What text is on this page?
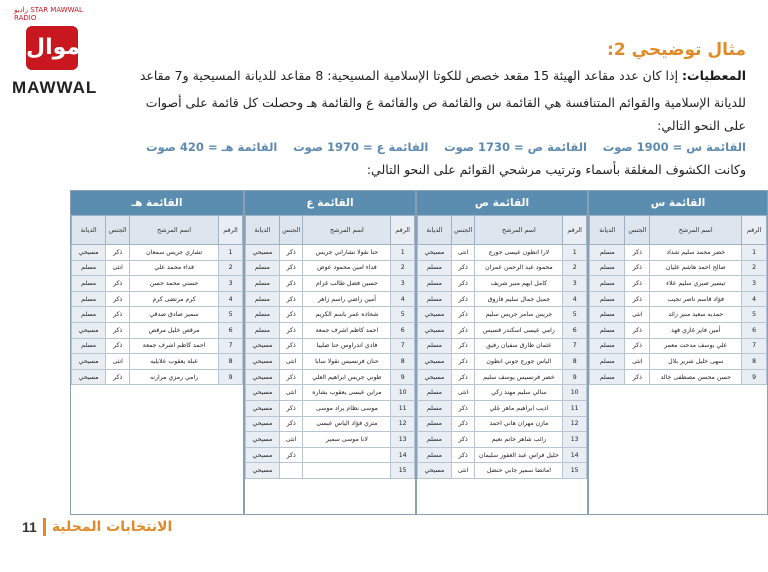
راديو STAR MAWWAL RADIO
موال
MAWWAL
مثال توضيحي 2:
المعطيات: إذا كان عدد مقاعد الهيئة 15 مقعد خصص للكوتا الإسلامية المسيحية: 8 مقاعد للديانة المسيحية و7 مقاعد
للديانة الإسلامية والقوائم المتنافسة هي القائمة س والقائمة ص والقائمة ع والقائمة هـ وحصلت كل قائمة على أصوات
على النحو التالي:
القائمة س = 1900 صوت
القائمة ص = 1730 صوت
القائمة ع = 1970 صوت
القائمة هـ = 420 صوت
وكانت الكشوف المغلقة بأسماء وترتيب مرشحي القوائم على النحو التالي:
القائمة س
الرقم	اسم المرشح	الجنس	الديانة
1	خضر محمد سليم شداد	ذكر	مسلم
2	صالح احمد هاشم عليان	ذكر	مسلم
3	تيسير صبري سليم علاء	ذكر	مسلم
4	فؤاد قاسم ناصر نجيب	ذكر	مسلم
5	حمديه سعيد منير زائد	انثى	مسلم
6	أمين فايز غازي فهد	ذكر	مسلم
7	علي يوسف مدحت معمر	ذكر	مسلم
8	سهى خليل شرير بلال	انثى	مسلم
9	حسن محسن مصطفى خالد	ذكر	مسلم
القائمة ص
الرقم	اسم المرشح	الجنس	الديانة
1	لارا انطون عيسى جورج	انثى	مسيحي
2	محمود عبد الرحمن عمران	ذكر	مسلم
3	كامل ايهم منير شريف	ذكر	مسلم
4	جميل جمال سليم فاروق	ذكر	مسلم
5	جريس سامر جريس سليم	ذكر	مسيحي
6	رامي عيسى اسكندر قسيس	ذكر	مسيحي
7	عثمان طارق سفيان رفيق	ذكر	مسلم
8	الياس جورج جوني انطون	ذكر	مسيحي
9	خضر فرنسيس يوسف سليم	ذكر	مسيحي
10	سالي سليم مهند زكي	انثى	مسلم
11	اديب ابراهيم ماهر علي	ذكر	مسلم
12	مازن مهران هاني احمد	ذكر	مسلم
13	رائب شاهر حاتم نعيم	ذكر	مسلم
14	خليل فراس عبد الغفور سليمان	ذكر	مسلم
15	امانضا سمير جابي حنضل	انثى	مسيحي
القائمة ع
الرقم	اسم المرشح	الجنس	الديانة
1	حنا نقولا نشاراني جريس	ذكر	مسيحي
2	فداء امين محمود عوض	ذكر	مسلم
3	حسين فضل طالب غزام	ذكر	مسلم
4	أمين راضي راسم زاهر	ذكر	مسلم
5	شحاده عمر باسم الكريم	ذكر	مسلم
6	احمد كاظم اشرف جمعة	ذكر	مسلم
7	فادي اندراوس حنا صليبا	ذكر	مسيحي
8	حنان فرنسيس نقولا سابا	انثى	مسيحي
9	طوني جريس ابراهيم العلي	ذكر	مسيحي
10	مراين عيسى يعقوب بشاره	انثى	مسيحي
11	موسى نظام يراد موسى	ذكر	مسيحي
12	متري فؤاد الياس عيسى	ذكر	مسيحي
13	لانا موسى سمير	انثى	مسيحي
14		ذكر	مسيحي
15			مسيحي
القائمة هـ
الرقم	اسم المرشح	الجنس	الديانة
1	تشاري جريس سمعان	ذكر	مسيحي
2	فداء محمد علي	انثى	مسلم
3	حسني محمد حسن	ذكر	مسلم
4	كرم مرتضى كرم	ذكر	مسلم
5	سمير صادق صدقي	ذكر	مسلم
6	مرقص خليل مرقص	ذكر	مسيحي
7	احمد كاظم اشرف جمعة	ذكر	مسلم
8	عبلة يعقوب علايليه	انثى	مسيحي
9	رامي رمزي مرارنه	ذكر	مسيحي
الانتخابات المحلية
11
